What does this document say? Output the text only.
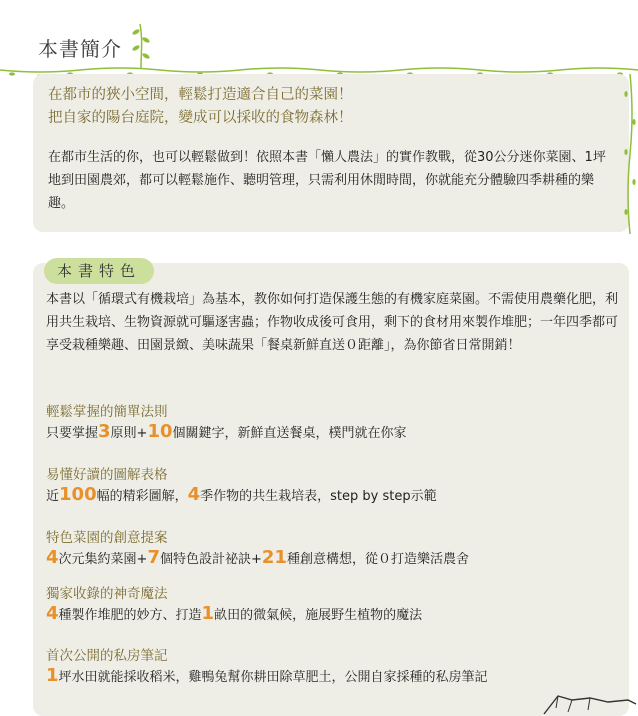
本書簡介
在都市的狹小空間，輕鬆打造適合自己的菜園！
把自家的陽台庭院，變成可以採收的食物森林！
在都市生活的你，也可以輕鬆做到！依照本書「懶人農法」的實作教戰，從30公分迷你菜園、1坪地到田園農郊，都可以輕鬆施作、聽明管理，只需利用休閒時間，你就能充分體驗四季耕種的樂趣。
本書特色
本書以「循環式有機栽培」為基本，教你如何打造保護生態的有機家庭菜園。不需使用農藥化肥，利用共生栽培、生物資源就可驅逐害蟲；作物收成後可食用，剩下的食材用來製作堆肥；一年四季都可享受栽種樂趣、田園景緻、美味蔬果「餐桌新鮮直送０距離」，為你節省日常開銷！
輕鬆掌握的簡單法則
只要掌握3原則+10個關鍵字，新鮮直送餐桌，樸門就在你家
易懂好讀的圖解表格
近100幅的精彩圖解，4季作物的共生栽培表，step by step示範
特色菜園的創意提案
4次元集約菜園+7個特色設計祕訣+21種創意構想，從０打造樂活農舍
獨家收錄的神奇魔法
4種製作堆肥的妙方、打造1畝田的微氣候，施展野生植物的魔法
首次公開的私房筆記
1坪水田就能採收稻米，雞鴨兔幫你耕田除草肥土，公開自家採種的私房筆記
